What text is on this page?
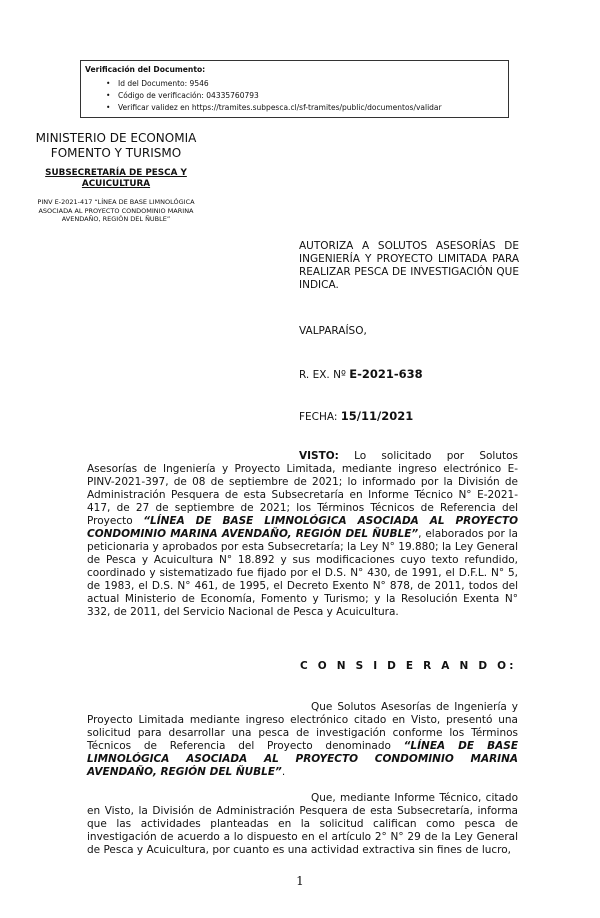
Verificación del Documento:
• Id del Documento: 9546
• Código de verificación: 04335760793
• Verificar validez en https://tramites.subpesca.cl/sf-tramites/public/documentos/validar
MINISTERIO DE ECONOMIA FOMENTO Y TURISMO
SUBSECRETARÍA DE PESCA Y ACUICULTURA
PINV E-2021-417 “LÍNEA DE BASE LIMNOLÓGICA ASOCIADA AL PROYECTO CONDOMINIO MARINA AVENDAÑO, REGIÓN DEL ÑUBLE”
AUTORIZA A SOLUTOS ASESORÍAS DE INGENIERÍA Y PROYECTO LIMITADA PARA REALIZAR PESCA DE INVESTIGACIÓN QUE INDICA.
VALPARAÍSO,
R. EX. Nº E-2021-638
FECHA: 15/11/2021
VISTO: Lo solicitado por Solutos Asesorías de Ingeniería y Proyecto Limitada, mediante ingreso electrónico E-PINV-2021-397, de 08 de septiembre de 2021; lo informado por la División de Administración Pesquera de esta Subsecretaría en Informe Técnico N° E-2021-417, de 27 de septiembre de 2021; los Términos Técnicos de Referencia del Proyecto “LÍNEA DE BASE LIMNOLÓGICA ASOCIADA AL PROYECTO CONDOMINIO MARINA AVENDAÑO, REGIÓN DEL ÑUBLE”, elaborados por la peticionaria y aprobados por esta Subsecretaría; la Ley N° 19.880; la Ley General de Pesca y Acuicultura N° 18.892 y sus modificaciones cuyo texto refundido, coordinado y sistematizado fue fijado por el D.S. N° 430, de 1991, el D.F.L. N° 5, de 1983, el D.S. N° 461, de 1995, el Decreto Exento N° 878, de 2011, todos del actual Ministerio de Economía, Fomento y Turismo; y la Resolución Exenta N° 332, de 2011, del Servicio Nacional de Pesca y Acuicultura.
C O N S I D E R A N D O:
Que Solutos Asesorías de Ingeniería y Proyecto Limitada mediante ingreso electrónico citado en Visto, presentó una solicitud para desarrollar una pesca de investigación conforme los Términos Técnicos de Referencia del Proyecto denominado “LÍNEA DE BASE LIMNOLÓGICA ASOCIADA AL PROYECTO CONDOMINIO MARINA AVENDAÑO, REGIÓN DEL ÑUBLE”.
Que, mediante Informe Técnico, citado en Visto, la División de Administración Pesquera de esta Subsecretaría, informa que las actividades planteadas en la solicitud califican como pesca de investigación de acuerdo a lo dispuesto en el artículo 2° N° 29 de la Ley General de Pesca y Acuicultura, por cuanto es una actividad extractiva sin fines de lucro,
1
